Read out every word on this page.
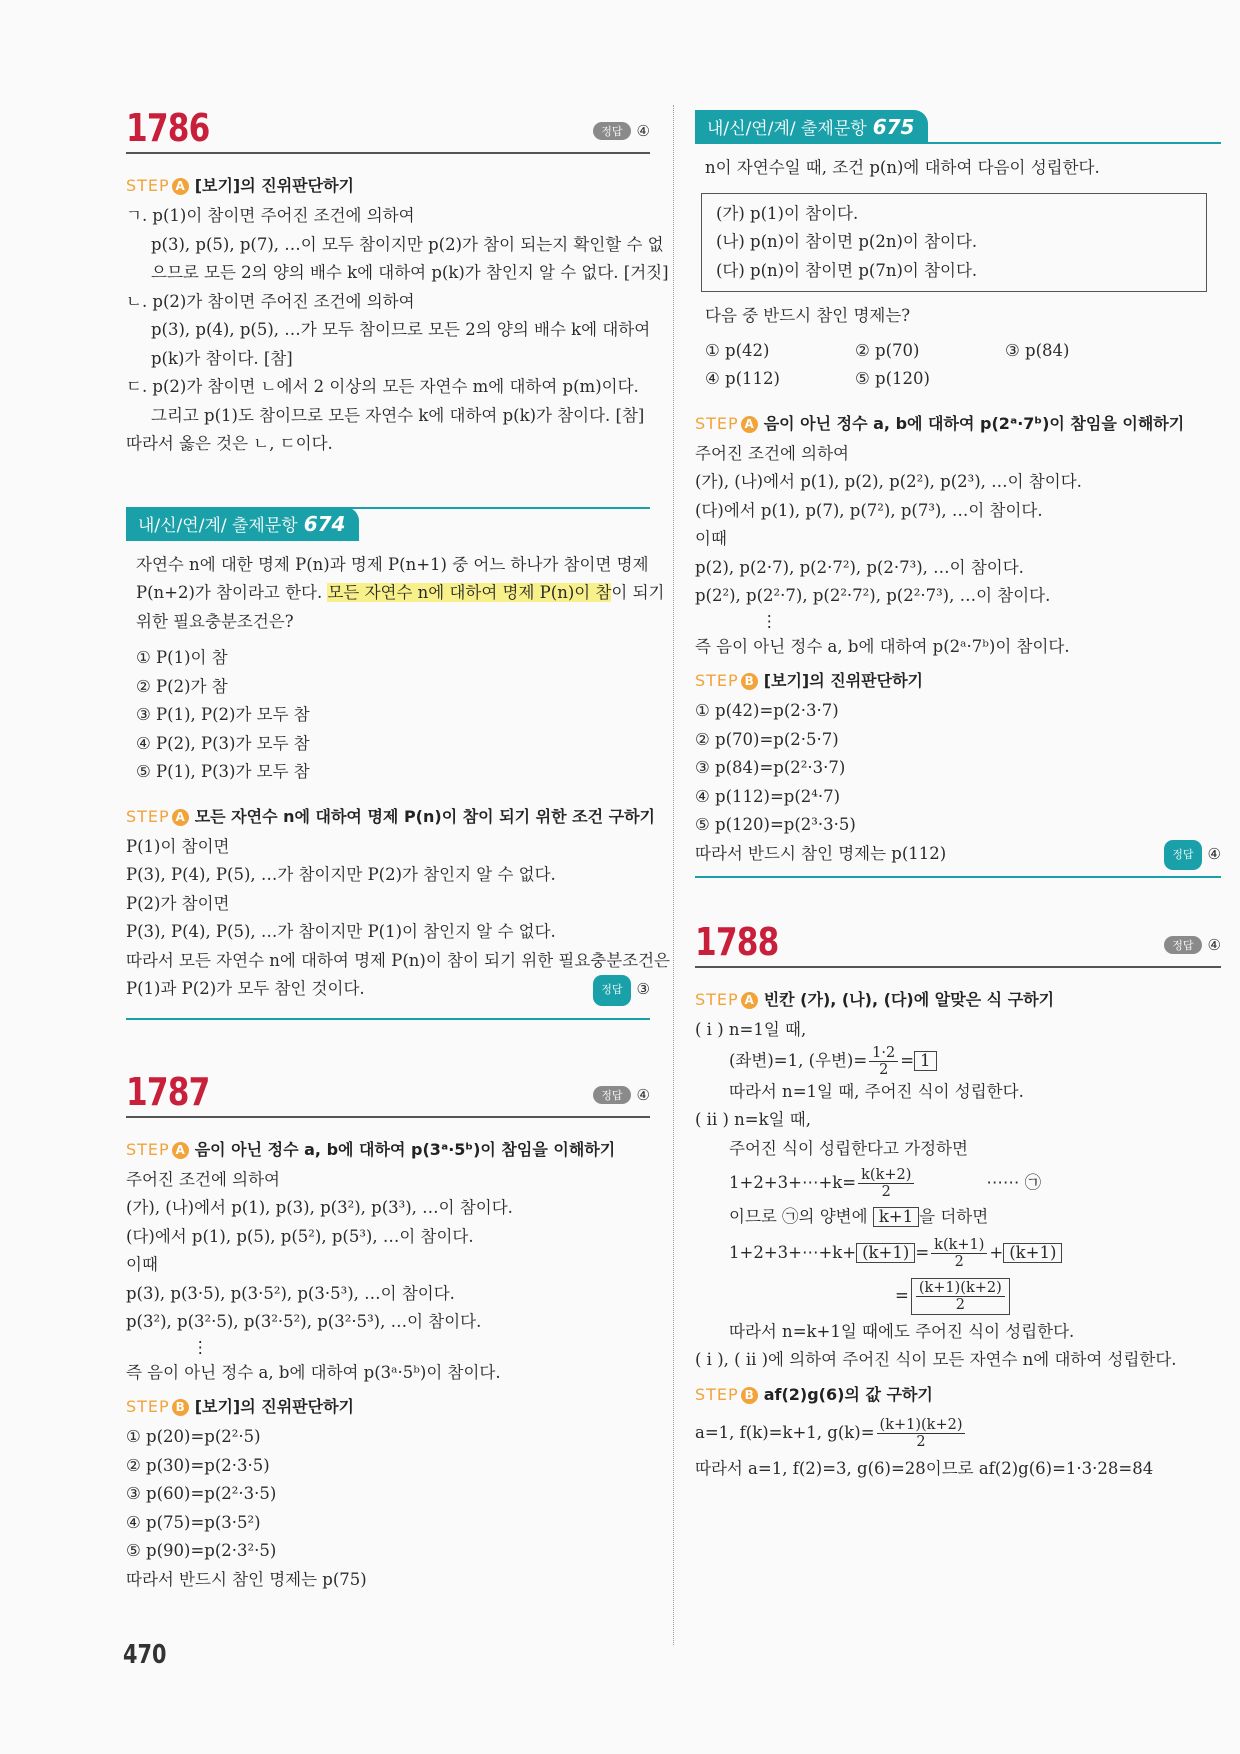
1786	정답 ④
STEP A [보기]의 진위판단하기
ㄱ. p(1)이 참이면 주어진 조건에 의하여
p(3), p(5), p(7), …이 모두 참이지만 p(2)가 참이 되는지 확인할 수 없
으므로 모든 2의 양의 배수 k에 대하여 p(k)가 참인지 알 수 없다. [거짓]
ㄴ. p(2)가 참이면 주어진 조건에 의하여
p(3), p(4), p(5), …가 모두 참이므로 모든 2의 양의 배수 k에 대하여
p(k)가 참이다. [참]
ㄷ. p(2)가 참이면 ㄴ에서 2 이상의 모든 자연수 m에 대하여 p(m)이다.
그리고 p(1)도 참이므로 모든 자연수 k에 대하여 p(k)가 참이다. [참]
따라서 옳은 것은 ㄴ, ㄷ이다.
내/신/연/계/ 출제문항 674
자연수 n에 대한 명제 P(n)과 명제 P(n+1) 중 어느 하나가 참이면 명제
P(n+2)가 참이라고 한다. 모든 자연수 n에 대하여 명제 P(n)이 참이 되기
위한 필요충분조건은?
① P(1)이 참
② P(2)가 참
③ P(1), P(2)가 모두 참
④ P(2), P(3)가 모두 참
⑤ P(1), P(3)가 모두 참
STEP A 모든 자연수 n에 대하여 명제 P(n)이 참이 되기 위한 조건 구하기
P(1)이 참이면
P(3), P(4), P(5), …가 참이지만 P(2)가 참인지 알 수 없다.
P(2)가 참이면
P(3), P(4), P(5), …가 참이지만 P(1)이 참인지 알 수 없다.
따라서 모든 자연수 n에 대하여 명제 P(n)이 참이 되기 위한 필요충분조건은
P(1)과 P(2)가 모두 참인 것이다.	정답 ③
1787	정답 ④
STEP A 음이 아닌 정수 a, b에 대하여 p(3ᵃ·5ᵇ)이 참임을 이해하기
주어진 조건에 의하여
(가), (나)에서 p(1), p(3), p(3²), p(3³), …이 참이다.
(다)에서 p(1), p(5), p(5²), p(5³), …이 참이다.
이때
p(3), p(3·5), p(3·5²), p(3·5³), …이 참이다.
p(3²), p(3²·5), p(3²·5²), p(3²·5³), …이 참이다.
⋮
즉 음이 아닌 정수 a, b에 대하여 p(3ᵃ·5ᵇ)이 참이다.
STEP B [보기]의 진위판단하기
① p(20)=p(2²·5)
② p(30)=p(2·3·5)
③ p(60)=p(2²·3·5)
④ p(75)=p(3·5²)
⑤ p(90)=p(2·3²·5)
따라서 반드시 참인 명제는 p(75)
내/신/연/계/ 출제문항 675
n이 자연수일 때, 조건 p(n)에 대하여 다음이 성립한다.
(가) p(1)이 참이다.
(나) p(n)이 참이면 p(2n)이 참이다.
(다) p(n)이 참이면 p(7n)이 참이다.
다음 중 반드시 참인 명제는?
① p(42)	② p(70)	③ p(84)
④ p(112)	⑤ p(120)
STEP A 음이 아닌 정수 a, b에 대하여 p(2ᵃ·7ᵇ)이 참임을 이해하기
주어진 조건에 의하여
(가), (나)에서 p(1), p(2), p(2²), p(2³), …이 참이다.
(다)에서 p(1), p(7), p(7²), p(7³), …이 참이다.
이때
p(2), p(2·7), p(2·7²), p(2·7³), …이 참이다.
p(2²), p(2²·7), p(2²·7²), p(2²·7³), …이 참이다.
⋮
즉 음이 아닌 정수 a, b에 대하여 p(2ᵃ·7ᵇ)이 참이다.
STEP B [보기]의 진위판단하기
① p(42)=p(2·3·7)
② p(70)=p(2·5·7)
③ p(84)=p(2²·3·7)
④ p(112)=p(2⁴·7)
⑤ p(120)=p(2³·3·5)
따라서 반드시 참인 명제는 p(112)	정답 ④
1788	정답 ④
STEP A 빈칸 (가), (나), (다)에 알맞은 식 구하기
( i ) n=1일 때,
(좌변)=1, (우변)= $\frac{1\cdot 2}{2} = 1$
따라서 n=1일 때, 주어진 식이 성립한다.
( ii ) n=k일 때,
주어진 식이 성립한다고 가정하면
1+2+3+⋯+k= $\frac{k(k+2)}{2}$	⋯⋯ ㉠
이므로 ㉠의 양변에 k+1 을 더하면
1+2+3+⋯+k+ $(k+1) = \frac{k(k+1)}{2} + (k+1)$
= $\frac{(k+1)(k+2)}{2}$
따라서 n=k+1일 때에도 주어진 식이 성립한다.
( i ), ( ii )에 의하여 주어진 식이 모든 자연수 n에 대하여 성립한다.
STEP B af(2)g(6)의 값 구하기
a=1, f(k)=k+1, $g(k)= \frac{(k+1)(k+2)}{2}$
따라서 a=1, f(2)=3, g(6)=28이므로 af(2)g(6)=1·3·28=84
470
